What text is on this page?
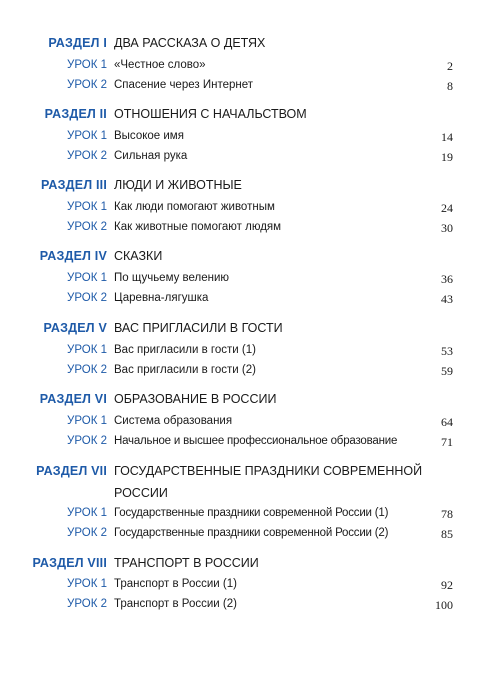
РАЗДЕЛ I ДВА РАССКАЗА О ДЕТЯХ
УРОК 1 «Честное слово»	2
УРОК 2 Спасение через Интернет	8
РАЗДЕЛ II ОТНОШЕНИЯ С НАЧАЛЬСТВОМ
УРОК 1 Высокое имя	14
УРОК 2 Сильная рука	19
РАЗДЕЛ III ЛЮДИ И ЖИВОТНЫЕ
УРОК 1 Как люди помогают животным	24
УРОК 2 Как животные помогают людям	30
РАЗДЕЛ IV СКАЗКИ
УРОК 1 По щучьему велению	36
УРОК 2 Царевна-лягушка	43
РАЗДЕЛ V ВАС ПРИГЛАСИЛИ В ГОСТИ
УРОК 1 Вас пригласили в гости (1)	53
УРОК 2 Вас пригласили в гости (2)	59
РАЗДЕЛ VI ОБРАЗОВАНИЕ В РОССИИ
УРОК 1 Система образования	64
УРОК 2 Начальное и высшее профессиональное образование	71
РАЗДЕЛ VII ГОСУДАРСТВЕННЫЕ ПРАЗДНИКИ СОВРЕМЕННОЙ РОССИИ
УРОК 1 Государственные праздники современной России (1)	78
УРОК 2 Государственные праздники современной России (2)	85
РАЗДЕЛ VIII ТРАНСПОРТ В РОССИИ
УРОК 1 Транспорт в России (1)	92
УРОК 2 Транспорт в России (2)	100
